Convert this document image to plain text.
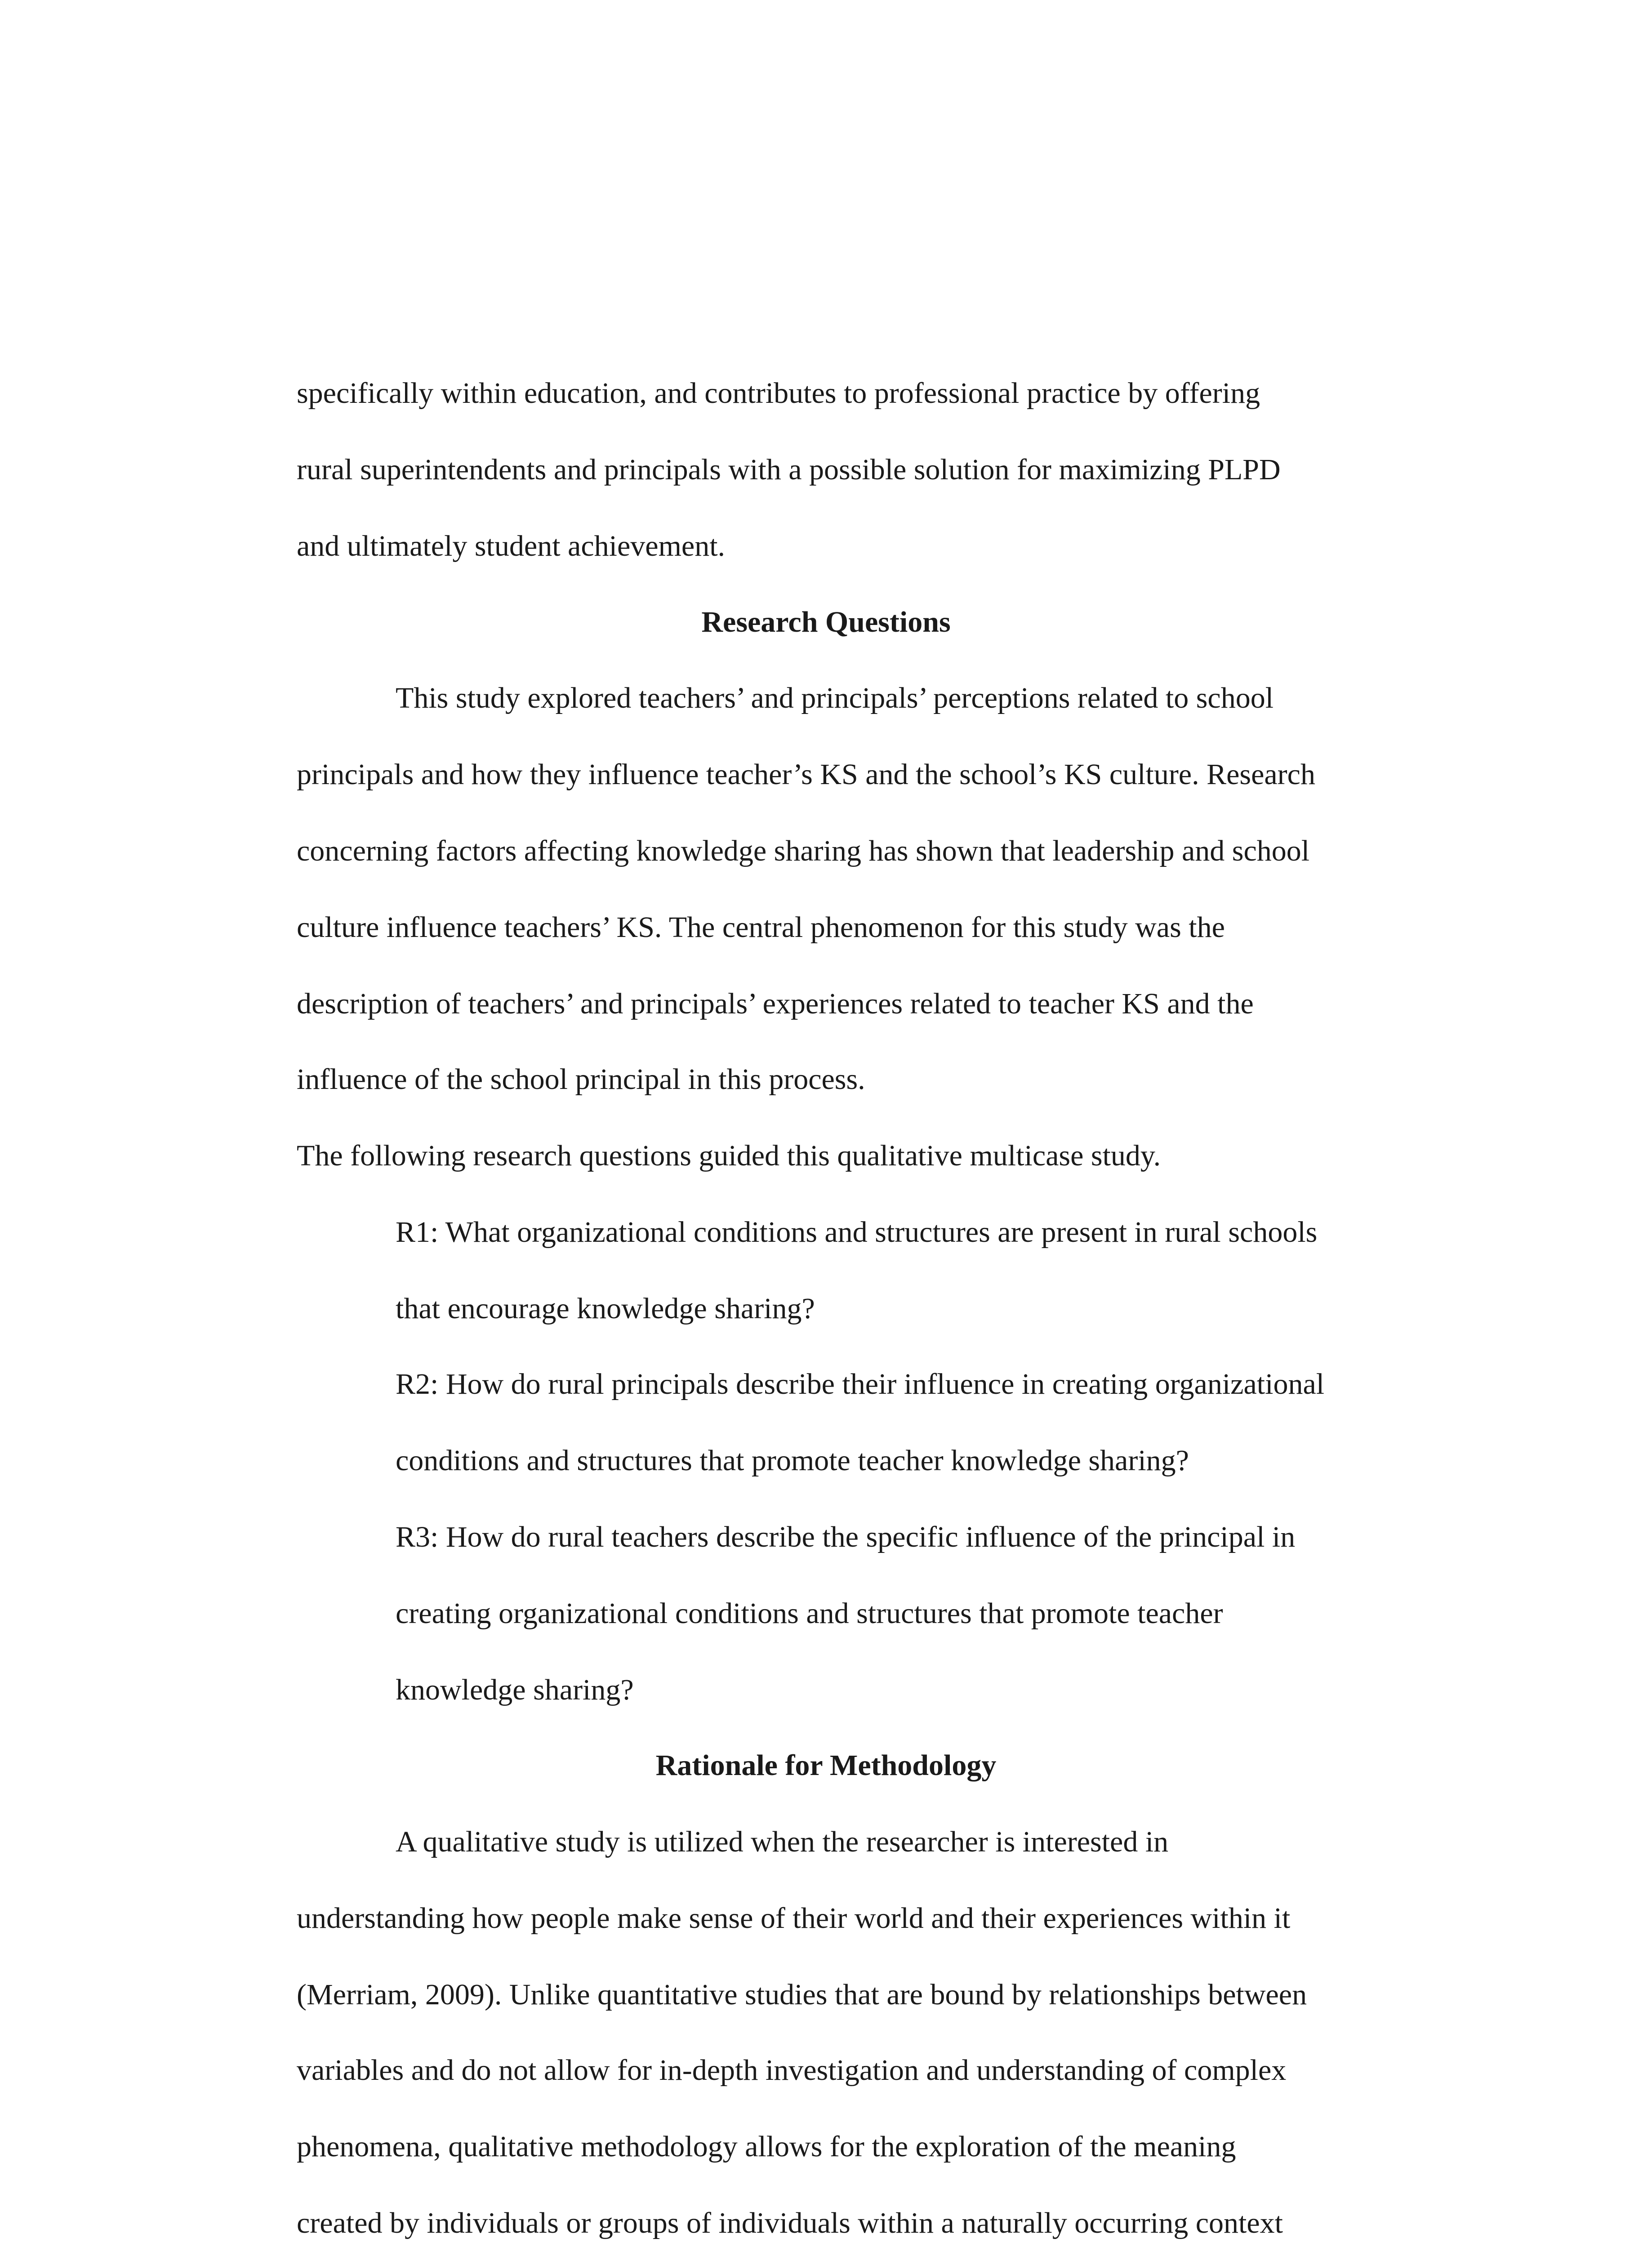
specifically within education, and contributes to professional practice by offering
rural superintendents and principals with a possible solution for maximizing PLPD
and ultimately student achievement.
Research Questions
This study explored teachers’ and principals’ perceptions related to school
principals and how they influence teacher’s KS and the school’s KS culture. Research
concerning factors affecting knowledge sharing has shown that leadership and school
culture influence teachers’ KS. The central phenomenon for this study was the
description of teachers’ and principals’ experiences related to teacher KS and the
influence of the school principal in this process.
The following research questions guided this qualitative multicase study.
R1: What organizational conditions and structures are present in rural schools
that encourage knowledge sharing?
R2: How do rural principals describe their influence in creating organizational
conditions and structures that promote teacher knowledge sharing?
R3: How do rural teachers describe the specific influence of the principal in
creating organizational conditions and structures that promote teacher
knowledge sharing?
Rationale for Methodology
A qualitative study is utilized when the researcher is interested in
understanding how people make sense of their world and their experiences within it
(Merriam, 2009). Unlike quantitative studies that are bound by relationships between
variables and do not allow for in-depth investigation and understanding of complex
phenomena, qualitative methodology allows for the exploration of the meaning
created by individuals or groups of individuals within a naturally occurring context
